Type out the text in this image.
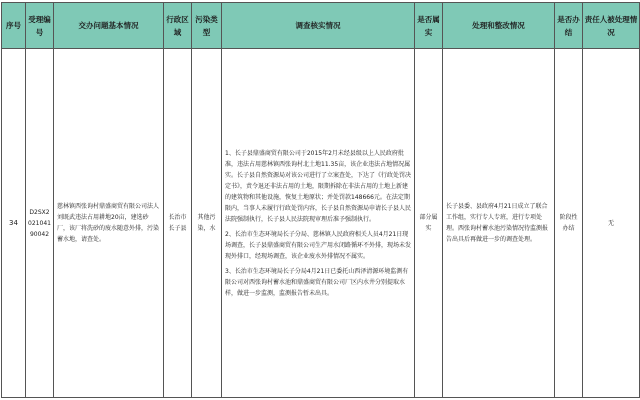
序号	受理编号	交办问题基本情况	行政区域	污染类型	调查核实情况	是否属实	处理和整改情况	是否办结	责任人被处理情况
34	D2SX202104190042	慈林镇西张询村鼎盛商贸有限公司法人刘既武违法占用耕地20亩，建选砂厂，该厂将洗砂的废水随意外排，污染蓄水地，请查处。	长治市长子县	其他污染，水	1、长子县鼎盛商贸有限公司于2015年2月未经县级以上人民政府批准，违法占用慈林镇西张询村北土地11.35亩，该企业违法占地情况属实。长子县自然资源局对该公司进行了立案查处，下达了《行政处罚决定书》，责令退还非法占用的土地，限期拆除在非法占用的土地上新建的建筑物和其他设施，恢复土地原状；并处罚款148666元。在法定期限内，当事人未履行行政处罚内容，长子县自然资源局申请长子县人民法院强制执行，长子县人民法院现审理后准予强制执行。

2、长治市生态环境局长子分局、慈林镇人民政府相关人员4月21日现场调查，长子县鼎盛商贸有限公司生产用水闭路循环不外排，现场未发现外排口，经现场调查，该企业废水外排情况不属实。

3、长治市生态环境局长子分局4月21日已委托山西泽清源环境监测有限公司对西张询村蓄水池和鼎盛商贸有限公司厂区内水井分别提取水样，做进一步监测，监测报告暂未出具。	部分属实	长子县委、县政府4月21日成立了联合工作组，实行专人专班，进行专项处理。西张询村蓄水池污染情况待监测报告出具后再做进一步的调查处理。	阶段性办结	无
